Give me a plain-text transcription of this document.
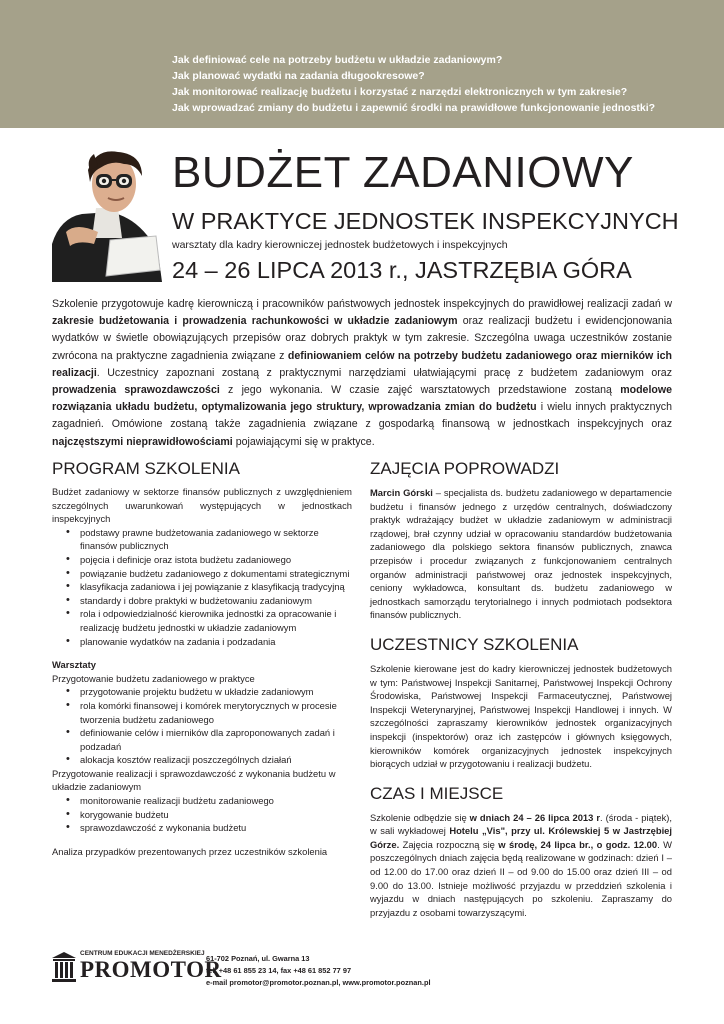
Jak definiować cele na potrzeby budżetu w układzie zadaniowym?
Jak planować wydatki na zadania długookresowe?
Jak monitorować realizację budżetu i korzystać z narzędzi elektronicznych w tym zakresie?
Jak wprowadzać zmiany do budżetu i zapewnić środki na prawidłowe funkcjonowanie jednostki?
BUDŻET ZADANIOWY
W PRAKTYCE JEDNOSTEK INSPEKCYJNYCH
warsztaty dla kadry kierowniczej jednostek budżetowych i inspekcyjnych
24 – 26 LIPCA 2013 r., JASTRZĘBIA GÓRA
Szkolenie przygotowuje kadrę kierowniczą i pracowników państwowych jednostek inspekcyjnych do prawidłowej realizacji zadań w zakresie budżetowania i prowadzenia rachunkowości w układzie zadaniowym oraz realizacji budżetu i ewidencjonowania wydatków w świetle obowiązujących przepisów oraz dobrych praktyk w tym zakresie. Szczególna uwaga uczestników zostanie zwrócona na praktyczne zagadnienia związane z definiowaniem celów na potrzeby budżetu zadaniowego oraz mierników ich realizacji. Uczestnicy zapoznani zostaną z praktycznymi narzędziami ułatwiającymi pracę z budżetem zadaniowym oraz prowadzenia sprawozdawczości z jego wykonania. W czasie zajęć warsztatowych przedstawione zostaną modelowe rozwiązania układu budżetu, optymalizowania jego struktury, wprowadzania zmian do budżetu i wielu innych praktycznych zagadnień. Omówione zostaną także zagadnienia związane z gospodarką finansową w jednostkach inspekcyjnych oraz najczęstszymi nieprawidłowościami pojawiającymi się w praktyce.
PROGRAM SZKOLENIA
Budżet zadaniowy w sektorze finansów publicznych z uwzględnieniem szczególnych uwarunkowań występujących w jednostkach inspekcyjnych
• podstawy prawne budżetowania zadaniowego w sektorze finansów publicznych
• pojęcia i definicje oraz istota budżetu zadaniowego
• powiązanie budżetu zadaniowego z dokumentami strategicznymi
• klasyfikacja zadaniowa i jej powiązanie z klasyfikacją tradycyjną
• standardy i dobre praktyki w budżetowaniu zadaniowym
• rola i odpowiedzialność kierownika jednostki za opracowanie i realizację budżetu jednostki w układzie zadaniowym
• planowanie wydatków na zadania i podzadania
Warsztaty
Przygotowanie budżetu zadaniowego w praktyce
• przygotowanie projektu budżetu w układzie zadaniowym
• rola komórki finansowej i komórek merytorycznych w procesie tworzenia budżetu zadaniowego
• definiowanie celów i mierników dla zaproponowanych zadań i podzadań
• alokacja kosztów realizacji poszczególnych działań
Przygotowanie realizacji i sprawozdawczość z wykonania budżetu w układzie zadaniowym
• monitorowanie realizacji budżetu zadaniowego
• korygowanie budżetu
• sprawozdawczość z wykonania budżetu
Analiza przypadków prezentowanych przez uczestników szkolenia
ZAJĘCIA POPROWADZI
Marcin Górski – specjalista ds. budżetu zadaniowego w departamencie budżetu i finansów jednego z urzędów centralnych, doświadczony praktyk wdrażający budżet w układzie zadaniowym w administracji rządowej, brał czynny udział w opracowaniu standardów budżetowania zadaniowego dla polskiego sektora finansów publicznych, znawca przepisów i procedur związanych z funkcjonowaniem centralnych organów administracji państwowej oraz jednostek inspekcyjnych, ceniony wykładowca, konsultant ds. budżetu zadaniowego w jednostkach samorządu terytorialnego i innych podmiotach podsektora finansów publicznych.
UCZESTNICY SZKOLENIA
Szkolenie kierowane jest do kadry kierowniczej jednostek budżetowych w tym: Państwowej Inspekcji Sanitarnej, Państwowej Inspekcji Ochrony Środowiska, Państwowej Inspekcji Farmaceutycznej, Państwowej Inspekcji Weterynaryjnej, Państwowej Inspekcji Handlowej i innych. W szczególności zapraszamy kierowników jednostek organizacyjnych inspekcji (inspektorów) oraz ich zastępców i głównych księgowych, kierowników komórek organizacyjnych jednostek inspekcyjnych biorących udział w przygotowaniu i realizacji budżetu.
CZAS I MIEJSCE
Szkolenie odbędzie się w dniach 24 – 26 lipca 2013 r. (środa - piątek), w sali wykładowej Hotelu „Vis", przy ul. Królewskiej 5 w Jastrzębiej Górze. Zajęcia rozpoczną się w środę, 24 lipca br., o godz. 12.00. W poszczególnych dniach zajęcia będą realizowane w godzinach: dzień I – od 12.00 do 17.00 oraz dzień II – od 9.00 do 15.00 oraz dzień III – od 9.00 do 13.00. Istnieje możliwość przyjazdu w przeddzień szkolenia i wyjazdu w dniach następujących po szkoleniu. Zapraszamy do przyjazdu z osobami towarzyszącymi.
CENTRUM EDUKACJI MENEDŻERSKIEJ
PROMOTOR
61-702 Poznań, ul. Gwarna 13
tel. +48 61 855 23 14, fax +48 61 852 77 97
e-mail promotor@promotor.poznan.pl, www.promotor.poznan.pl
